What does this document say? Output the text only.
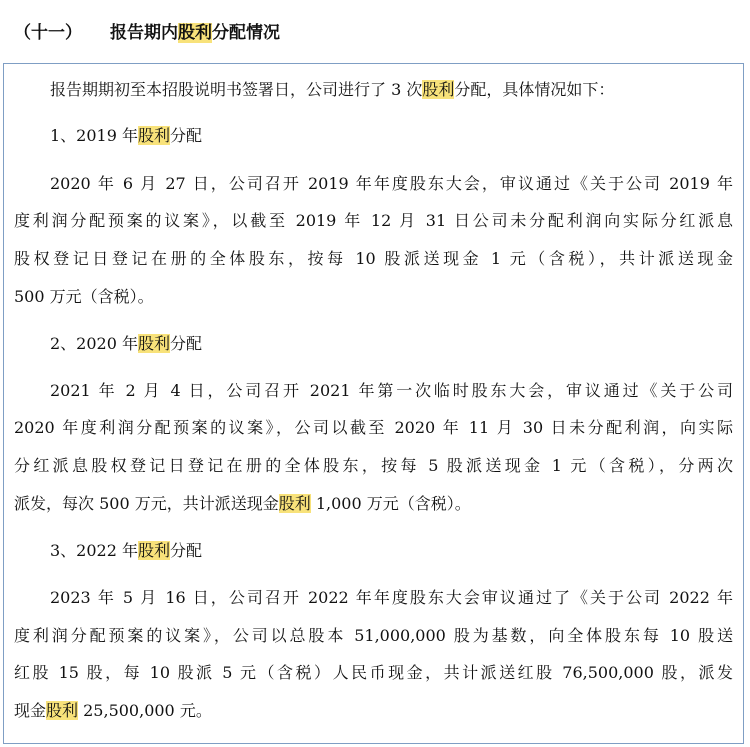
（十一）	报告期内股利分配情况
报告期期初至本招股说明书签署日，公司进行了 3 次股利分配，具体情况如下：
1、2019 年股利分配
2020 年 6 月 27 日，公司召开 2019 年年度股东大会，审议通过《关于公司 2019 年
度利润分配预案的议案》，以截至 2019 年 12 月 31 日公司未分配利润向实际分红派息
股权登记日登记在册的全体股东，按每 10 股派送现金 1 元（含税），共计派送现金
500 万元（含税）。
2、2020 年股利分配
2021 年 2 月 4 日，公司召开 2021 年第一次临时股东大会，审议通过《关于公司
2020 年度利润分配预案的议案》，公司以截至 2020 年 11 月 30 日未分配利润，向实际
分红派息股权登记日登记在册的全体股东，按每 5 股派送现金 1 元（含税），分两次
派发，每次 500 万元，共计派送现金股利 1,000 万元（含税）。
3、2022 年股利分配
2023 年 5 月 16 日，公司召开 2022 年年度股东大会审议通过了《关于公司 2022 年
度利润分配预案的议案》，公司以总股本 51,000,000 股为基数，向全体股东每 10 股送
红股 15 股，每 10 股派 5 元（含税）人民币现金，共计派送红股 76,500,000 股，派发
现金股利 25,500,000 元。
